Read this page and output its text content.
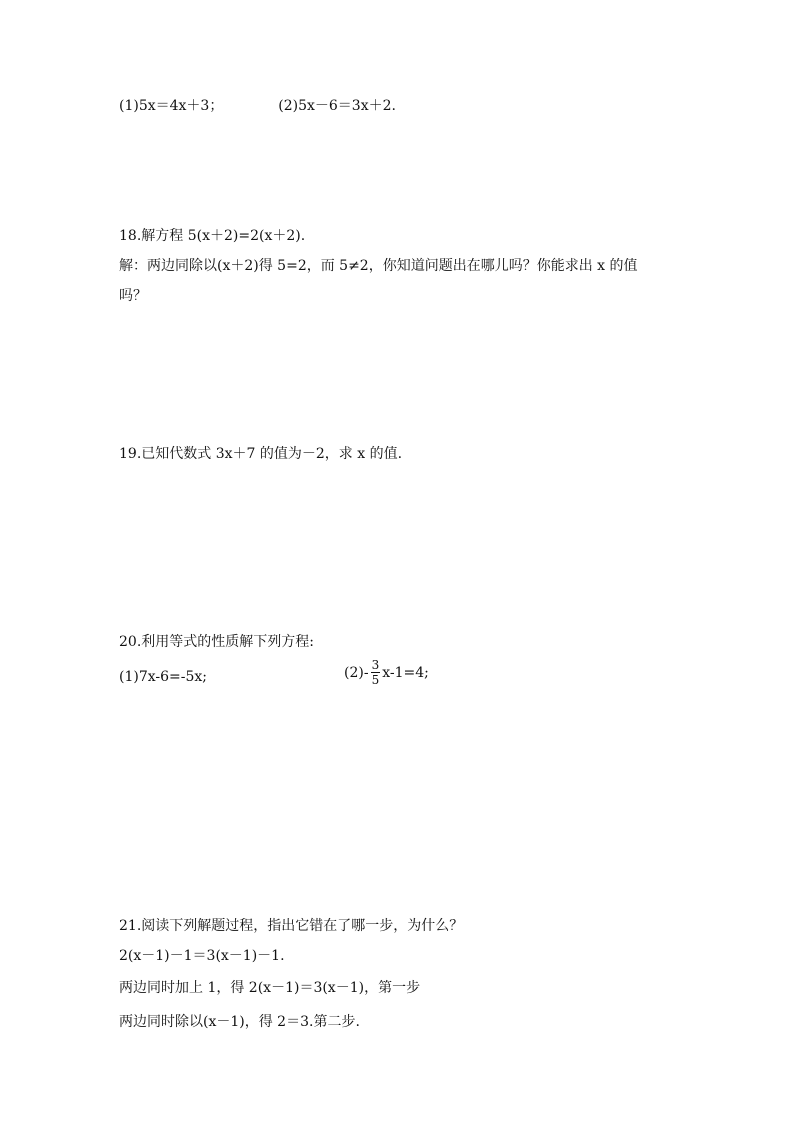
(1)5x＝4x＋3；	(2)5x－6＝3x＋2.
18.解方程 5(x＋2)=2(x＋2).
解：两边同除以(x＋2)得 5=2，而 5≠2，你知道问题出在哪儿吗？你能求出 x 的值
吗？
19.已知代数式 3x＋7 的值为－2，求 x 的值.
20.利用等式的性质解下列方程:
(1)7x-6=-5x;	$(2)- \frac{3}{5} x-1=4$;
21.阅读下列解题过程，指出它错在了哪一步，为什么？
2(x－1)－1＝3(x－1)－1.
两边同时加上 1，得 2(x－1)＝3(x－1)，第一步
两边同时除以(x－1)，得 2＝3.第二步.
